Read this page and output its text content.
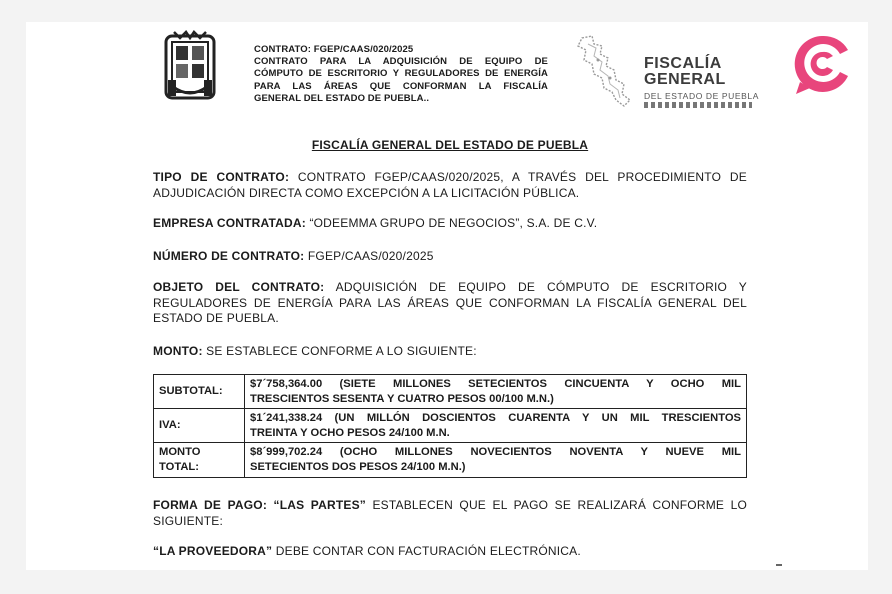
CONTRATO: FGEP/CAAS/020/2025
CONTRATO PARA LA ADQUISICIÓN DE EQUIPO DE
CÓMPUTO DE ESCRITORIO Y REGULADORES DE ENERGÍA
PARA LAS ÁREAS QUE CONFORMAN LA FISCALÍA
GENERAL DEL ESTADO DE PUEBLA..
FISCALÍA
GENERAL
DEL ESTADO DE PUEBLA
FISCALÍA GENERAL DEL ESTADO DE PUEBLA
TIPO DE CONTRATO: CONTRATO FGEP/CAAS/020/2025, A TRAVÉS DEL PROCEDIMIENTO DE ADJUDICACIÓN DIRECTA COMO EXCEPCIÓN A LA LICITACIÓN PÚBLICA.
EMPRESA CONTRATADA: “ODEEMMA GRUPO DE NEGOCIOS”, S.A. DE C.V.
NÚMERO DE CONTRATO: FGEP/CAAS/020/2025
OBJETO DEL CONTRATO: ADQUISICIÓN DE EQUIPO DE CÓMPUTO DE ESCRITORIO Y REGULADORES DE ENERGÍA PARA LAS ÁREAS QUE CONFORMAN LA FISCALÍA GENERAL DEL ESTADO DE PUEBLA.
MONTO: SE ESTABLECE CONFORME A LO SIGUIENTE:
SUBTOTAL:	$7´758,364.00 (SIETE MILLONES SETECIENTOS CINCUENTA Y OCHO MIL
TRESCIENTOS SESENTA Y CUATRO PESOS 00/100 M.N.)

IVA:	$1´241,338.24 (UN MILLÓN DOSCIENTOS CUARENTA Y UN MIL TRESCIENTOS
TREINTA Y OCHO PESOS 24/100 M.N.

MONTO TOTAL:	$8´999,702.24 (OCHO MILLONES NOVECIENTOS NOVENTA Y NUEVE MIL
SETECIENTOS DOS PESOS 24/100 M.N.)
FORMA DE PAGO: “LAS PARTES” ESTABLECEN QUE EL PAGO SE REALIZARÁ CONFORME LO SIGUIENTE:
“LA PROVEEDORA” DEBE CONTAR CON FACTURACIÓN ELECTRÓNICA.
